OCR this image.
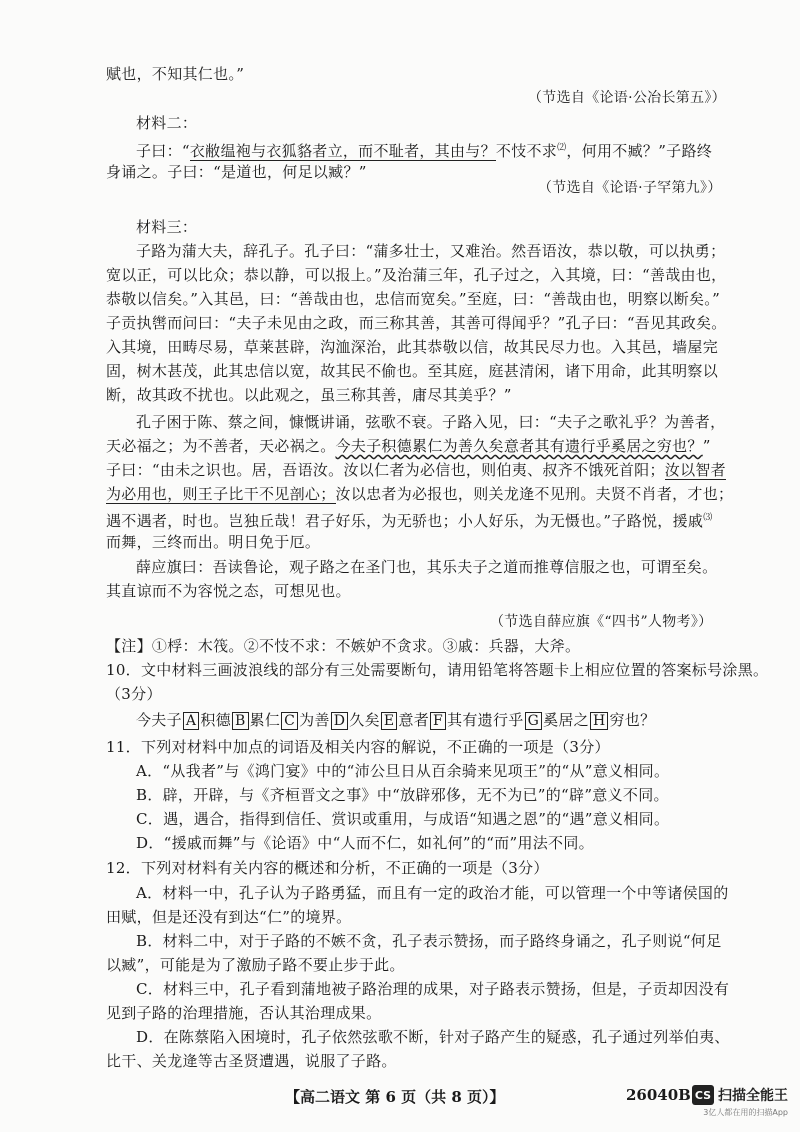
赋也，不知其仁也。”
（节选自《论语·公冶长第五》）
材料二：
子曰：“衣敝缊袍与衣狐貉者立，而不耻者，其由与？不忮不求⑵，何用不臧？”子路终
身诵之。子曰：“是道也，何足以臧？”
（节选自《论语·子罕第九》）
材料三：
子路为蒲大夫，辞孔子。孔子曰：“蒲多壮士，又难治。然吾语汝，恭以敬，可以执勇；
宽以正，可以比众；恭以静，可以报上。”及治蒲三年，孔子过之，入其境，曰：“善哉由也，
恭敬以信矣。”入其邑，曰：“善哉由也，忠信而宽矣。”至庭，曰：“善哉由也，明察以断矣。”
子贡执辔而问曰：“夫子未见由之政，而三称其善，其善可得闻乎？”孔子曰：“吾见其政矣。
入其境，田畴尽易，草莱甚辟，沟洫深治，此其恭敬以信，故其民尽力也。入其邑，墙屋完
固，树木甚茂，此其忠信以宽，故其民不偷也。至其庭，庭甚清闲，诸下用命，此其明察以
断，故其政不扰也。以此观之，虽三称其善，庸尽其美乎？”
孔子困于陈、蔡之间，慷慨讲诵，弦歌不衰。子路入见，曰：“夫子之歌礼乎？为善者，
天必福之；为不善者，天必祸之。今夫子积德累仁为善久矣意者其有遗行乎奚居之穷也？”
子曰：“由未之识也。居，吾语汝。汝以仁者为必信也，则伯夷、叔齐不饿死首阳；汝以智者
为必用也，则王子比干不见剖心；汝以忠者为必报也，则关龙逄不见刑。夫贤不肖者，才也；
遇不遇者，时也。岂独丘哉！君子好乐，为无骄也；小人好乐，为无慑也。”子路悦，援戚⑶
而舞，三终而出。明日免于厄。
薛应旗曰：吾读鲁论，观子路之在圣门也，其乐夫子之道而推尊信服之也，可谓至矣。
其直谅而不为容悦之态，可想见也。
（节选自薛应旗《“四书”人物考》）
【注】①桴：木筏。②不忮不求：不嫉妒不贪求。③戚：兵器，大斧。
10．文中材料三画波浪线的部分有三处需要断句，请用铅笔将答题卡上相应位置的答案标号涂黑。
（3分）
今夫子 A 积德 B 累仁 C 为善 D 久矣 E 意者 F 其有遗行乎 G 奚居之 H 穷也？
11．下列对材料中加点的词语及相关内容的解说，不正确的一项是（3分）
A．“从我者”与《鸿门宴》中的“沛公旦日从百余骑来见项王”的“从”意义相同。
B．辟，开辟，与《齐桓晋文之事》中“放辟邪侈，无不为已”的“辟”意义不同。
C．遇，遇合，指得到信任、赏识或重用，与成语“知遇之恩”的“遇”意义相同。
D．“援戚而舞”与《论语》中“人而不仁，如礼何”的“而”用法不同。
12．下列对材料有关内容的概述和分析，不正确的一项是（3分）
A．材料一中，孔子认为子路勇猛，而且有一定的政治才能，可以管理一个中等诸侯国的
田赋，但是还没有到达“仁”的境界。
B．材料二中，对于子路的不嫉不贪，孔子表示赞扬，而子路终身诵之，孔子则说“何足
以臧”，可能是为了激励子路不要止步于此。
C．材料三中，孔子看到蒲地被子路治理的成果，对子路表示赞扬，但是，子贡却因没有
见到子路的治理措施，否认其治理成果。
D．在陈蔡陷入困境时，孔子依然弦歌不断，针对子路产生的疑惑，孔子通过列举伯夷、
比干、关龙逄等古圣贤遭遇，说服了子路。
【高二语文 第 6 页（共 8 页）】	26040B CS 扫描全能王
3亿人都在用的扫描App
